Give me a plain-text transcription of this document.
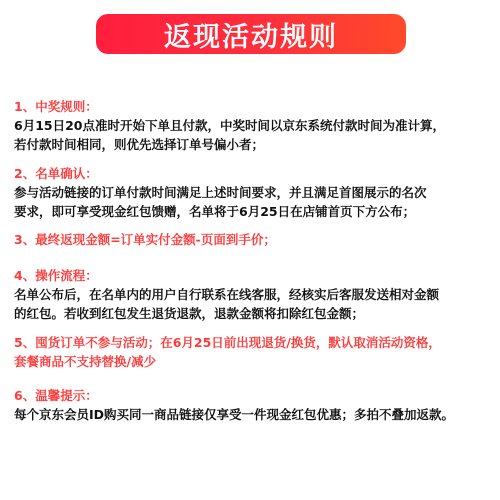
返现活动规则
1、中奖规则：
6月15日20点准时开始下单且付款，中奖时间以京东系统付款时间为准计算，
若付款时间相同，则优先选择订单号偏小者；
2、名单确认：
参与活动链接的订单付款时间满足上述时间要求，并且满足首图展示的名次
要求，即可享受现金红包馈赠，名单将于6月25日在店铺首页下方公布；
3、最终返现金额=订单实付金额-页面到手价；
4、操作流程：
名单公布后，在名单内的用户自行联系在线客服，经核实后客服发送相对金额
的红包。若收到红包发生退货退款，退款金额将扣除红包金额；
5、囤货订单不参与活动；在6月25日前出现退货/换货，默认取消活动资格，
套餐商品不支持替换/减少
6、温馨提示：
每个京东会员ID购买同一商品链接仅享受一件现金红包优惠；多拍不叠加返款。
